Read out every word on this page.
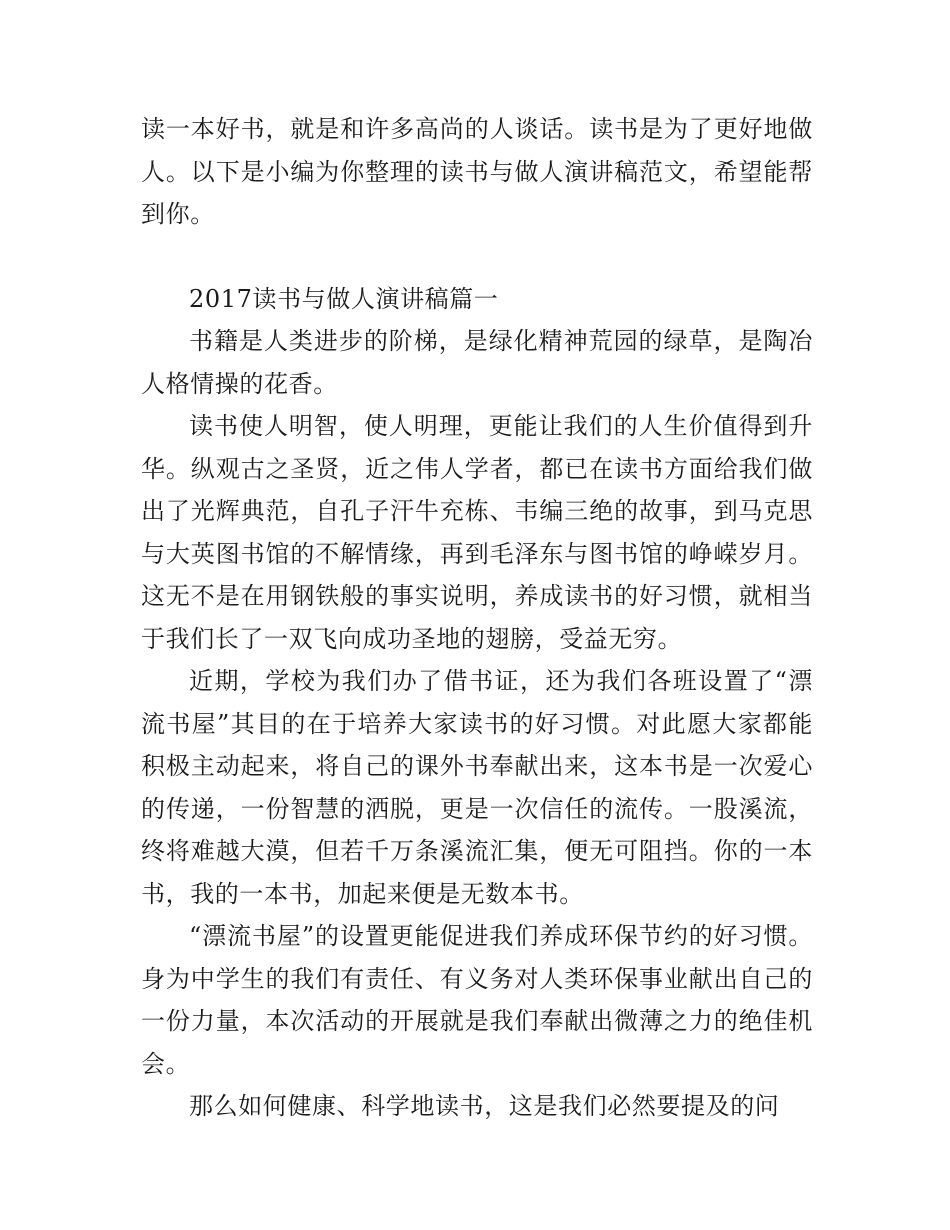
读一本好书，就是和许多高尚的人谈话。读书是为了更好地做人。以下是小编为你整理的读书与做人演讲稿范文，希望能帮到你。

2017读书与做人演讲稿篇一

书籍是人类进步的阶梯，是绿化精神荒园的绿草，是陶冶人格情操的花香。

读书使人明智，使人明理，更能让我们的人生价值得到升华。纵观古之圣贤，近之伟人学者，都已在读书方面给我们做出了光辉典范，自孔子汗牛充栋、韦编三绝的故事，到马克思与大英图书馆的不解情缘，再到毛泽东与图书馆的峥嵘岁月。这无不是在用钢铁般的事实说明，养成读书的好习惯，就相当于我们长了一双飞向成功圣地的翅膀，受益无穷。

近期，学校为我们办了借书证，还为我们各班设置了“漂流书屋”其目的在于培养大家读书的好习惯。对此愿大家都能积极主动起来，将自己的课外书奉献出来，这本书是一次爱心的传递，一份智慧的洒脱，更是一次信任的流传。一股溪流，终将难越大漠，但若千万条溪流汇集，便无可阻挡。你的一本书，我的一本书，加起来便是无数本书。

“漂流书屋”的设置更能促进我们养成环保节约的好习惯。身为中学生的我们有责任、有义务对人类环保事业献出自己的一份力量，本次活动的开展就是我们奉献出微薄之力的绝佳机会。

那么如何健康、科学地读书，这是我们必然要提及的问
